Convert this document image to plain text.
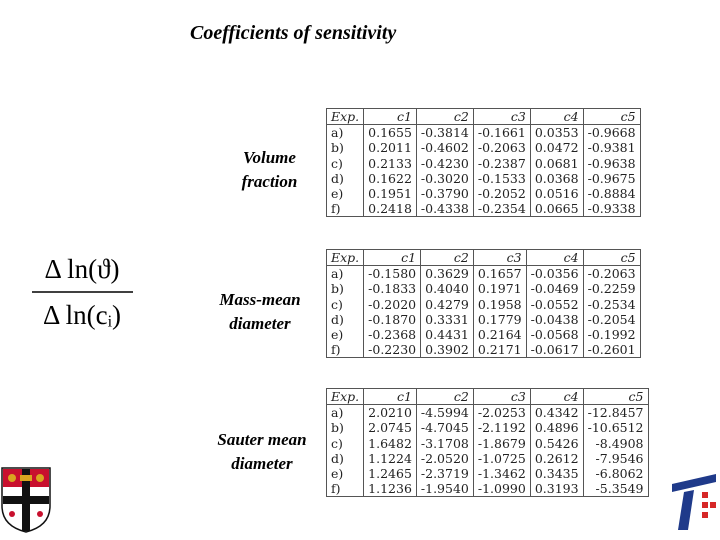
Coefficients of sensitivity
Volume
fraction
Mass-mean
diameter
Sauter mean
diameter
Δ ln(ϑ)
Δ ln(cᵢ)
Exp.	c1	c2	c3	c4	c5
a)	0.1655	-0.3814	-0.1661	0.0353	-0.9668
b)	0.2011	-0.4602	-0.2063	0.0472	-0.9381
c)	0.2133	-0.4230	-0.2387	0.0681	-0.9638
d)	0.1622	-0.3020	-0.1533	0.0368	-0.9675
e)	0.1951	-0.3790	-0.2052	0.0516	-0.8884
f)	0.2418	-0.4338	-0.2354	0.0665	-0.9338
Exp.	c1	c2	c3	c4	c5
a)	-0.1580	0.3629	0.1657	-0.0356	-0.2063
b)	-0.1833	0.4040	0.1971	-0.0469	-0.2259
c)	-0.2020	0.4279	0.1958	-0.0552	-0.2534
d)	-0.1870	0.3331	0.1779	-0.0438	-0.2054
e)	-0.2368	0.4431	0.2164	-0.0568	-0.1992
f)	-0.2230	0.3902	0.2171	-0.0617	-0.2601
Exp.	c1	c2	c3	c4	c5
a)	2.0210	-4.5994	-2.0253	0.4342	-12.8457
b)	2.0745	-4.7045	-2.1192	0.4896	-10.6512
c)	1.6482	-3.1708	-1.8679	0.5426	-8.4908
d)	1.1224	-2.0520	-1.0725	0.2612	-7.9546
e)	1.2465	-2.3719	-1.3462	0.3435	-6.8062
f)	1.1236	-1.9540	-1.0990	0.3193	-5.3549
